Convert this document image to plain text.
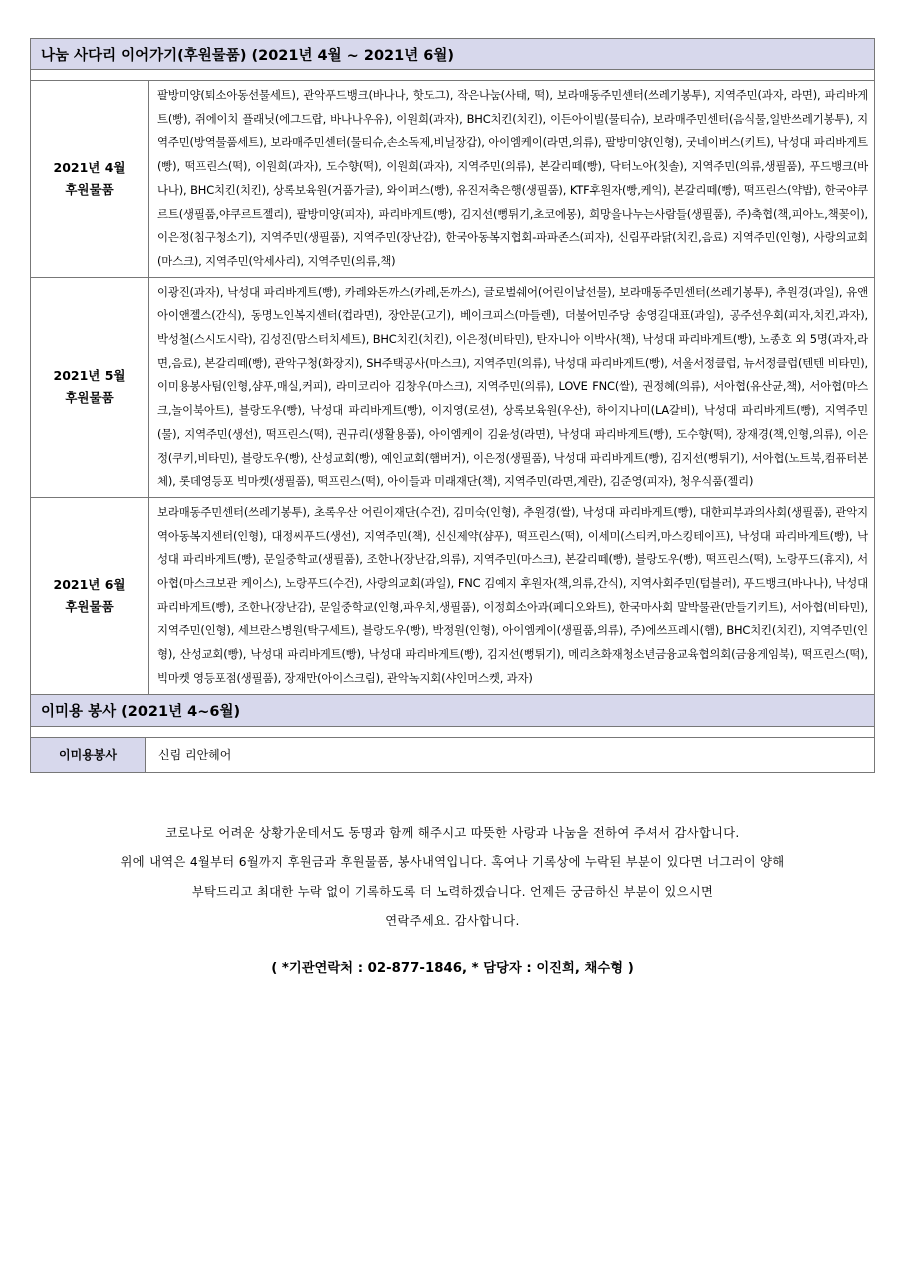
나눔 사다리 이어가기(후원물품) (2021년 4월 ~ 2021년 6월)
2021년 4월
후원물품	팔방미양(퇴소아동선물세트), 관악푸드뱅크(바나나, 핫도그), 작은나눔(사태, 떡), 보라매동주민센터(쓰레기봉투), 지역주민(과자, 라면), 파리바게트(빵), 쥐에이치 플래닛(에그드랍, 바나나우유), 이원희(과자), BHC치킨(치킨), 이든아이빌(물티슈), 보라매주민센터(음식물,일반쓰레기봉투), 지역주민(방역물품세트), 보라매주민센터(물티슈,손소독제,비닐장갑), 아이엠케이(라면,의류), 팔방미양(인형), 굿네이버스(키트), 낙성대 파리바게트(빵), 떡프린스(떡), 이원희(과자), 도수향(떡), 이원희(과자), 지역주민(의류), 본갈리떼(빵), 닥터노아(칫솔), 지역주민(의류,생필품), 푸드뱅크(바나나), BHC치킨(치킨), 상록보육원(거품가글), 와이퍼스(빵), 유진저축은행(생필품), KTF후원자(빵,케익), 본갈리떼(빵), 떡프린스(약밥), 한국야쿠르트(생필품,야쿠르트젤리), 팔방미양(피자), 파리바게트(빵), 김지선(뻥튀기,초코에몽), 희망을나누는사람들(생필품), 주)축협(책,피아노,책꽂이), 이은정(침구청소기), 지역주민(생필품), 지역주민(장난감), 한국아동복지협회-파파존스(피자), 신림푸라닭(치킨,음료) 지역주민(인형), 사랑의교회(마스크), 지역주민(악세사리), 지역주민(의류,책)

2021년 5월
후원물품	이광진(과자), 낙성대 파리바게트(빵), 카레와돈까스(카레,돈까스), 글로벌쉐어(어린이날선물), 보라매동주민센터(쓰레기봉투), 추원경(과일), 유앤아이앤젤스(간식), 동명노인복지센터(컵라면), 장안문(고기), 베이크피스(마들렌), 더불어민주당 송영길대표(과일), 공주선우회(피자,치킨,과자), 박성철(스시도시락), 김성진(맘스터치세트), BHC치킨(치킨), 이은정(비타민), 탄자니아 이박사(책), 낙성대 파리바게트(빵), 노종호 외 5명(과자,라면,음료), 본갈리떼(빵), 관악구청(화장지), SH주택공사(마스크), 지역주민(의류), 낙성대 파리바게트(빵), 서울서정클럽, 뉴서정클럽(텐텐 비타민), 이미용봉사팀(인형,샴푸,매실,커피), 라미코리아 김창우(마스크), 지역주민(의류), LOVE FNC(쌀), 권정혜(의류), 서아협(유산균,책), 서아협(마스크,놀이북아트), 블랑도우(빵), 낙성대 파리바게트(빵), 이지영(로션), 상록보육원(우산), 하이지나미(LA갈비), 낙성대 파리바게트(빵), 지역주민(물), 지역주민(생선), 떡프린스(떡), 권규리(생활용품), 아이엠케이 김윤성(라면), 낙성대 파리바게트(빵), 도수향(떡), 장재경(책,인형,의류), 이은정(쿠키,비타민), 블랑도우(빵), 산성교회(빵), 예인교회(햄버거), 이은정(생필품), 낙성대 파리바게트(빵), 김지선(뻥튀기), 서아협(노트북,컴퓨터본체), 롯데영등포 빅마켓(생필품), 떡프린스(떡), 아이들과 미래재단(책), 지역주민(라면,계란), 김준영(피자), 청우식품(젤리)

2021년 6월
후원물품	보라매동주민센터(쓰레기봉투), 초록우산 어린이재단(수건), 김미숙(인형), 추원경(쌀), 낙성대 파리바게트(빵), 대한피부과의사회(생필품), 관악지역아동복지센터(인형), 대정씨푸드(생선), 지역주민(책), 신신제약(샴푸), 떡프린스(떡), 이세미(스티커,마스킹테이프), 낙성대 파리바게트(빵), 낙성대 파리바게트(빵), 문일중학교(생필품), 조한나(장난감,의류), 지역주민(마스크), 본갈리떼(빵), 블랑도우(빵), 떡프린스(떡), 노랑푸드(휴지), 서아협(마스크보관 케이스), 노랑푸드(수건), 사랑의교회(과일), FNC 김예지 후원자(책,의류,간식), 지역사회주민(텀블러), 푸드뱅크(바나나), 낙성대 파리바게트(빵), 조한나(장난감), 문일중학교(인형,파우치,생필품), 이정희소아과(페디오와트), 한국마사회 말박물관(만들기키트), 서아협(비타민), 지역주민(인형), 세브란스병원(탁구세트), 블랑도우(빵), 박정원(인형), 아이엠케이(생필품,의류), 주)에쓰프레시(햄), BHC치킨(치킨), 지역주민(인형), 산성교회(빵), 낙성대 파리바게트(빵), 낙성대 파리바게트(빵), 김지선(뻥튀기), 메리츠화재청소년금융교육협의회(금융게임북), 떡프린스(떡), 빅마켓 영등포점(생필품), 장재만(아이스크림), 관악녹지회(샤인머스켓, 과자)
이미용 봉사 (2021년 4~6월)
이미용봉사	신림 리안헤어
코로나로 어려운 상황가운데서도 동명과 함께 해주시고 따뜻한 사랑과 나눔을 전하여 주셔서 감사합니다.
위에 내역은 4월부터 6월까지 후원금과 후원물품, 봉사내역입니다. 혹여나 기록상에 누락된 부분이 있다면 너그러이 양해
부탁드리고 최대한 누락 없이 기록하도록 더 노력하겠습니다. 언제든 궁금하신 부분이 있으시면
연락주세요. 감사합니다.
( *기관연락처 : 02-877-1846, * 담당자 : 이진희, 채수형 )
